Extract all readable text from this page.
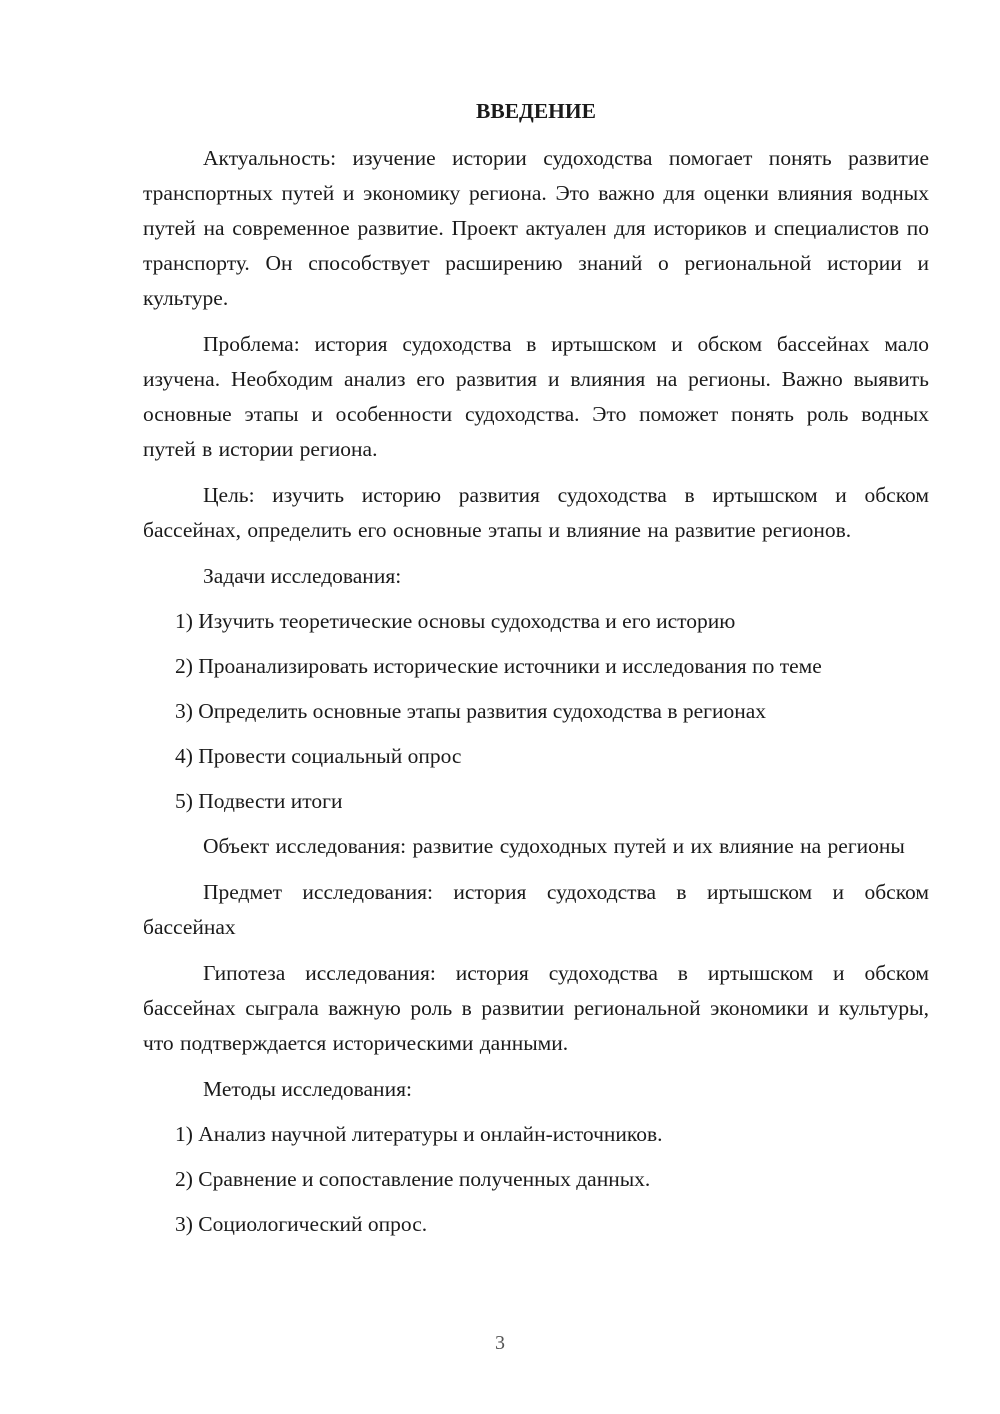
ВВЕДЕНИЕ

Актуальность: изучение истории судоходства помогает понять развитие транспортных путей и экономику региона. Это важно для оценки влияния водных путей на современное развитие. Проект актуален для историков и специалистов по транспорту. Он способствует расширению знаний о региональной истории и культуре.

Проблема: история судоходства в иртышском и обском бассейнах мало изучена. Необходим анализ его развития и влияния на регионы. Важно выявить основные этапы и особенности судоходства. Это поможет понять роль водных путей в истории региона.

Цель: изучить историю развития судоходства в иртышском и обском бассейнах, определить его основные этапы и влияние на развитие регионов.

Задачи исследования:

1) Изучить теоретические основы судоходства и его историю
2) Проанализировать исторические источники и исследования по теме
3) Определить основные этапы развития судоходства в регионах
4) Провести социальный опрос
5) Подвести итоги

Объект исследования: развитие судоходных путей и их влияние на регионы

Предмет исследования: история судоходства в иртышском и обском бассейнах

Гипотеза исследования: история судоходства в иртышском и обском бассейнах сыграла важную роль в развитии региональной экономики и культуры, что подтверждается историческими данными.

Методы исследования:

1) Анализ научной литературы и онлайн-источников.
2) Сравнение и сопоставление полученных данных.
3) Социологический опрос.
3
